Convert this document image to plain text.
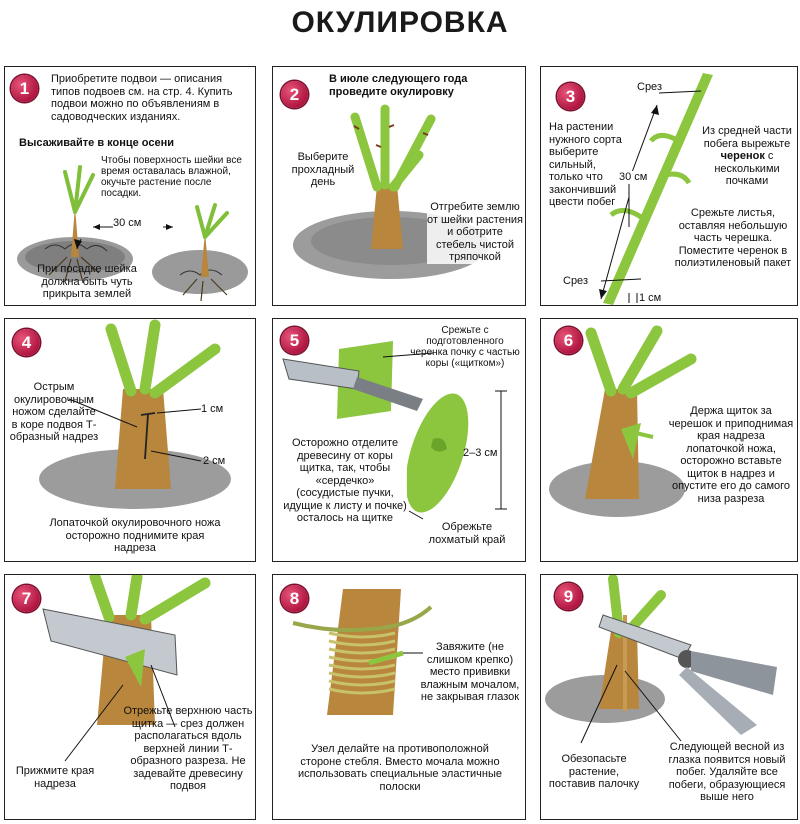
ОКУЛИРОВКА
1	Приобретите подвои — описания типов подвоев см. на стр. 4. Купить подвои можно по объявлениям в садоводческих изданиях.
Высаживайте в конце осени
Чтобы поверхность шейки все время оставалась влажной, окучьте растение после посадки.
30 см
При посадке шейка должна быть чуть прикрыта землей
2
В июле следующего года проведите окулировку
Выберите прохладный день
Отгребите землю от шейки растения и оботрите стебель чистой тряпочкой
3	Срез
На растении нужного сорта выберите сильный, только что закончивший цвести побег
30 см
Из средней части побега вырежьте черенок с несколькими почками
Срежьте листья, оставляя небольшую часть черешка. Поместите черенок в полиэтиленовый пакет
Срез
1 см
4
Острым окулировочным ножом сделайте в коре подвоя Т-образный надрез
1 см
2 см
Лопаточкой окулировочного ножа осторожно поднимите края надреза
5
Срежьте с подготовленного черенка почку с частью коры («щитком»)
Осторожно отделите древесину от коры щитка, так, чтобы «сердечко» (сосудистые пучки, идущие к листу и почке) осталось на щитке
2–3 см
Обрежьте лохматый край
6
Держа щиток за черешок и приподнимая края надреза лопаточкой ножа, осторожно вставьте щиток в надрез и опустите его до самого низа разреза
7
Прижмите края надреза
Отрежьте верхнюю часть щитка — срез должен располагаться вдоль верхней линии Т-образного разреза. Не задевайте древесину подвоя
8
Завяжите (не слишком крепко) место прививки влажным мочалом, не закрывая глазок
Узел делайте на противоположной стороне стебля. Вместо мочала можно использовать специальные эластичные полоски
9
Обезопасьте растение, поставив палочку
Следующей весной из глазка появится новый побег. Удаляйте все побеги, образующиеся выше него
